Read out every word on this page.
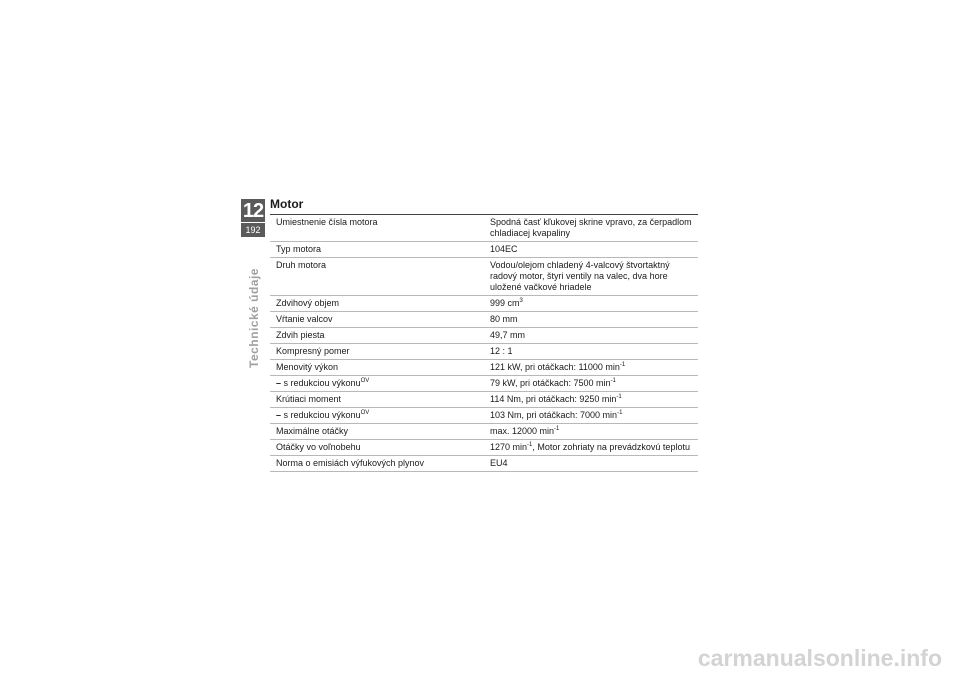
12
192
Technické údaje
Motor
Umiestnenie čísla motora	Spodná časť kľukovej skrine vpravo, za čerpadlom chladiacej kvapaliny
Typ motora	104EC
Druh motora	Vodou/olejom chladený 4-valcový štvortaktný radový motor, štyri ventily na valec, dva hore uložené vačkové hriadele
Zdvihový objem	999 $cm^3$
Vŕtanie valcov	80 mm
Zdvih piesta	49,7 mm
Kompresný pomer	12 : 1
Menovitý výkon	121 kW, pri otáčkach: 11000 $\min^{-1}$
– s redukciou výkonu$^{OV}$	79 kW, pri otáčkach: 7500 $\min^{-1}$
Krútiaci moment	114 Nm, pri otáčkach: 9250 $\min^{-1}$
– s redukciou výkonu$^{OV}$	103 Nm, pri otáčkach: 7000 $\min^{-1}$
Maximálne otáčky	max. 12000 $\min^{-1}$
Otáčky vo voľnobehu	1270 $\min^{-1}$, Motor zohriaty na prevádzkovú teplotu
Norma o emisiách výfukových plynov	EU4
carmanualsonline.info
